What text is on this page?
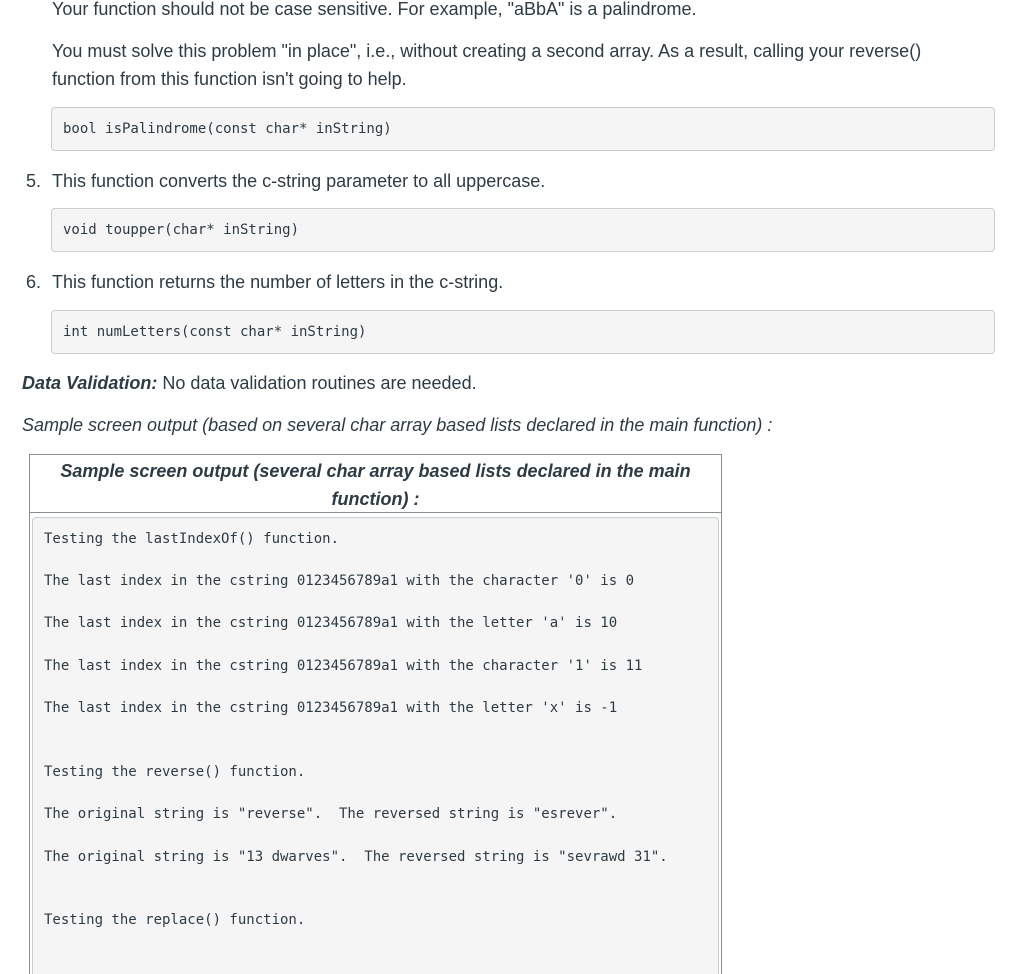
Your function should not be case sensitive. For example, "aBbA" is a palindrome.

You must solve this problem "in place", i.e., without creating a second array. As a result, calling your reverse() function from this function isn't going to help.

bool isPalindrome(const char* inString)
5. This function converts the c-string parameter to all uppercase.
void toupper(char* inString)
6. This function returns the number of letters in the c-string.
int numLetters(const char* inString)
Data Validation: No data validation routines are needed.
Sample screen output (based on several char array based lists declared in the main function) :
Sample screen output (several char array based lists declared in the main function) :
Testing the lastIndexOf() function.
The last index in the cstring 0123456789a1 with the character '0' is 0
The last index in the cstring 0123456789a1 with the letter 'a' is 10
The last index in the cstring 0123456789a1 with the character '1' is 11
The last index in the cstring 0123456789a1 with the letter 'x' is -1
Testing the reverse() function.
The original string is "reverse".  The reversed string is "esrever".
The original string is "13 dwarves".  The reversed string is "sevrawd 31".
Testing the replace() function.
